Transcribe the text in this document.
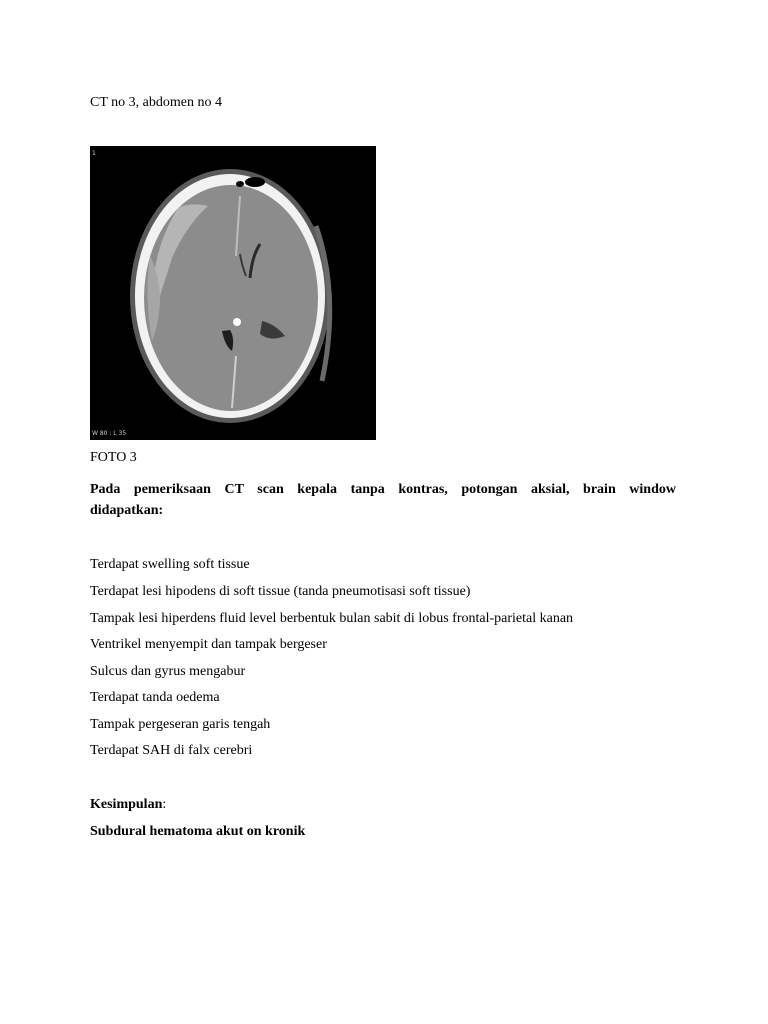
CT no 3, abdomen no 4
1
W 80 : L 35
FOTO 3
Pada pemeriksaan CT scan kepala tanpa kontras, potongan aksial, brain window
didapatkan:
Terdapat swelling soft tissue
Terdapat lesi hipodens di soft tissue (tanda pneumotisasi soft tissue)
Tampak lesi hiperdens fluid level berbentuk bulan sabit di lobus frontal-parietal kanan
Ventrikel menyempit dan tampak bergeser
Sulcus dan gyrus mengabur
Terdapat tanda oedema
Tampak pergeseran garis tengah
Terdapat SAH di falx cerebri
Kesimpulan:
Subdural hematoma akut on kronik
